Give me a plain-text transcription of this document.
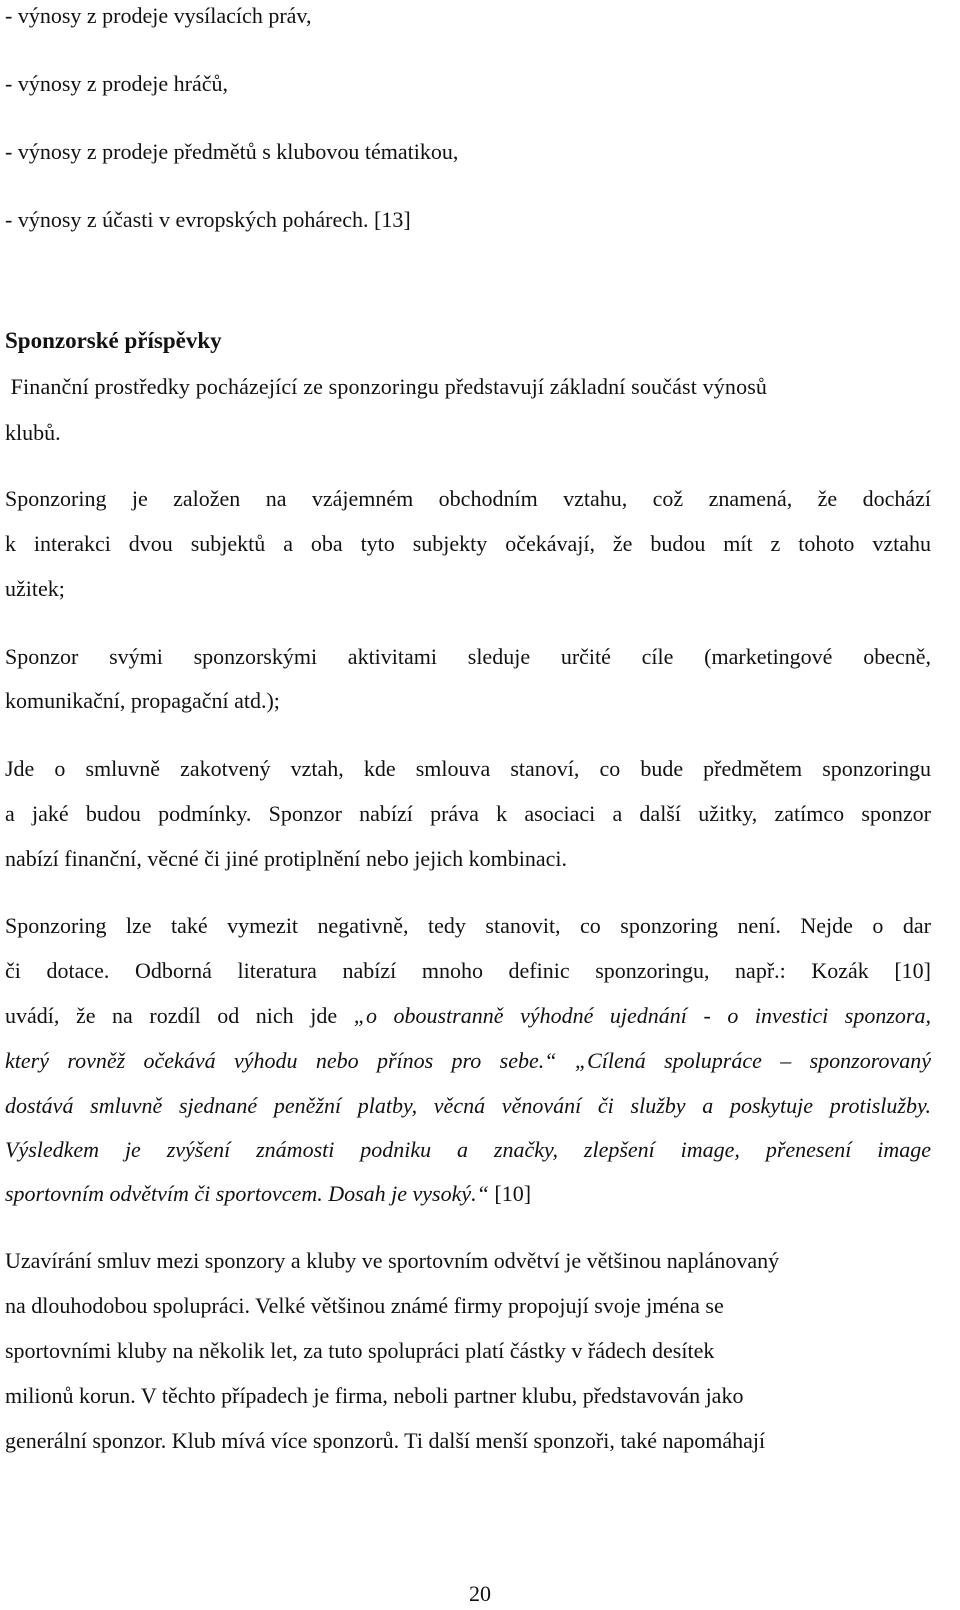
- výnosy z prodeje vysílacích práv,
- výnosy z prodeje hráčů,
- výnosy z prodeje předmětů s klubovou tématikou,
- výnosy z účasti v evropských pohárech. [13]
Sponzorské příspěvky
Finanční prostředky pocházející ze sponzoringu představují základní součást výnosů
klubů.
Sponzoring je založen na vzájemném obchodním vztahu, což znamená, že dochází
k interakci dvou subjektů a oba tyto subjekty očekávají, že budou mít z tohoto vztahu
užitek;
Sponzor svými sponzorskými aktivitami sleduje určité cíle (marketingové obecně,
komunikační, propagační atd.);
Jde o smluvně zakotvený vztah, kde smlouva stanoví, co bude předmětem sponzoringu
a jaké budou podmínky. Sponzor nabízí práva k asociaci a další užitky, zatímco sponzor
nabízí finanční, věcné či jiné protiplnění nebo jejich kombinaci.
Sponzoring lze také vymezit negativně, tedy stanovit, co sponzoring není. Nejde o dar
či dotace. Odborná literatura nabízí mnoho definic sponzoringu, např.: Kozák [10]
uvádí, že na rozdíl od nich jde „o oboustranně výhodné ujednání - o investici sponzora,
který rovněž očekává výhodu nebo přínos pro sebe.“ „Cílená spolupráce – sponzorovaný
dostává smluvně sjednané peněžní platby, věcná věnování či služby a poskytuje protislužby.
Výsledkem je zvýšení známosti podniku a značky, zlepšení image, přenesení image
sportovním odvětvím či sportovcem. Dosah je vysoký.“ [10]
Uzavírání smluv mezi sponzory a kluby ve sportovním odvětví je většinou naplánovaný
na dlouhodobou spolupráci. Velké většinou známé firmy propojují svoje jména se
sportovními kluby na několik let, za tuto spolupráci platí částky v řádech desítek
milionů korun. V těchto případech je firma, neboli partner klubu, představován jako
generální sponzor. Klub mívá více sponzorů. Ti další menší sponzoři, také napomáhají
20
